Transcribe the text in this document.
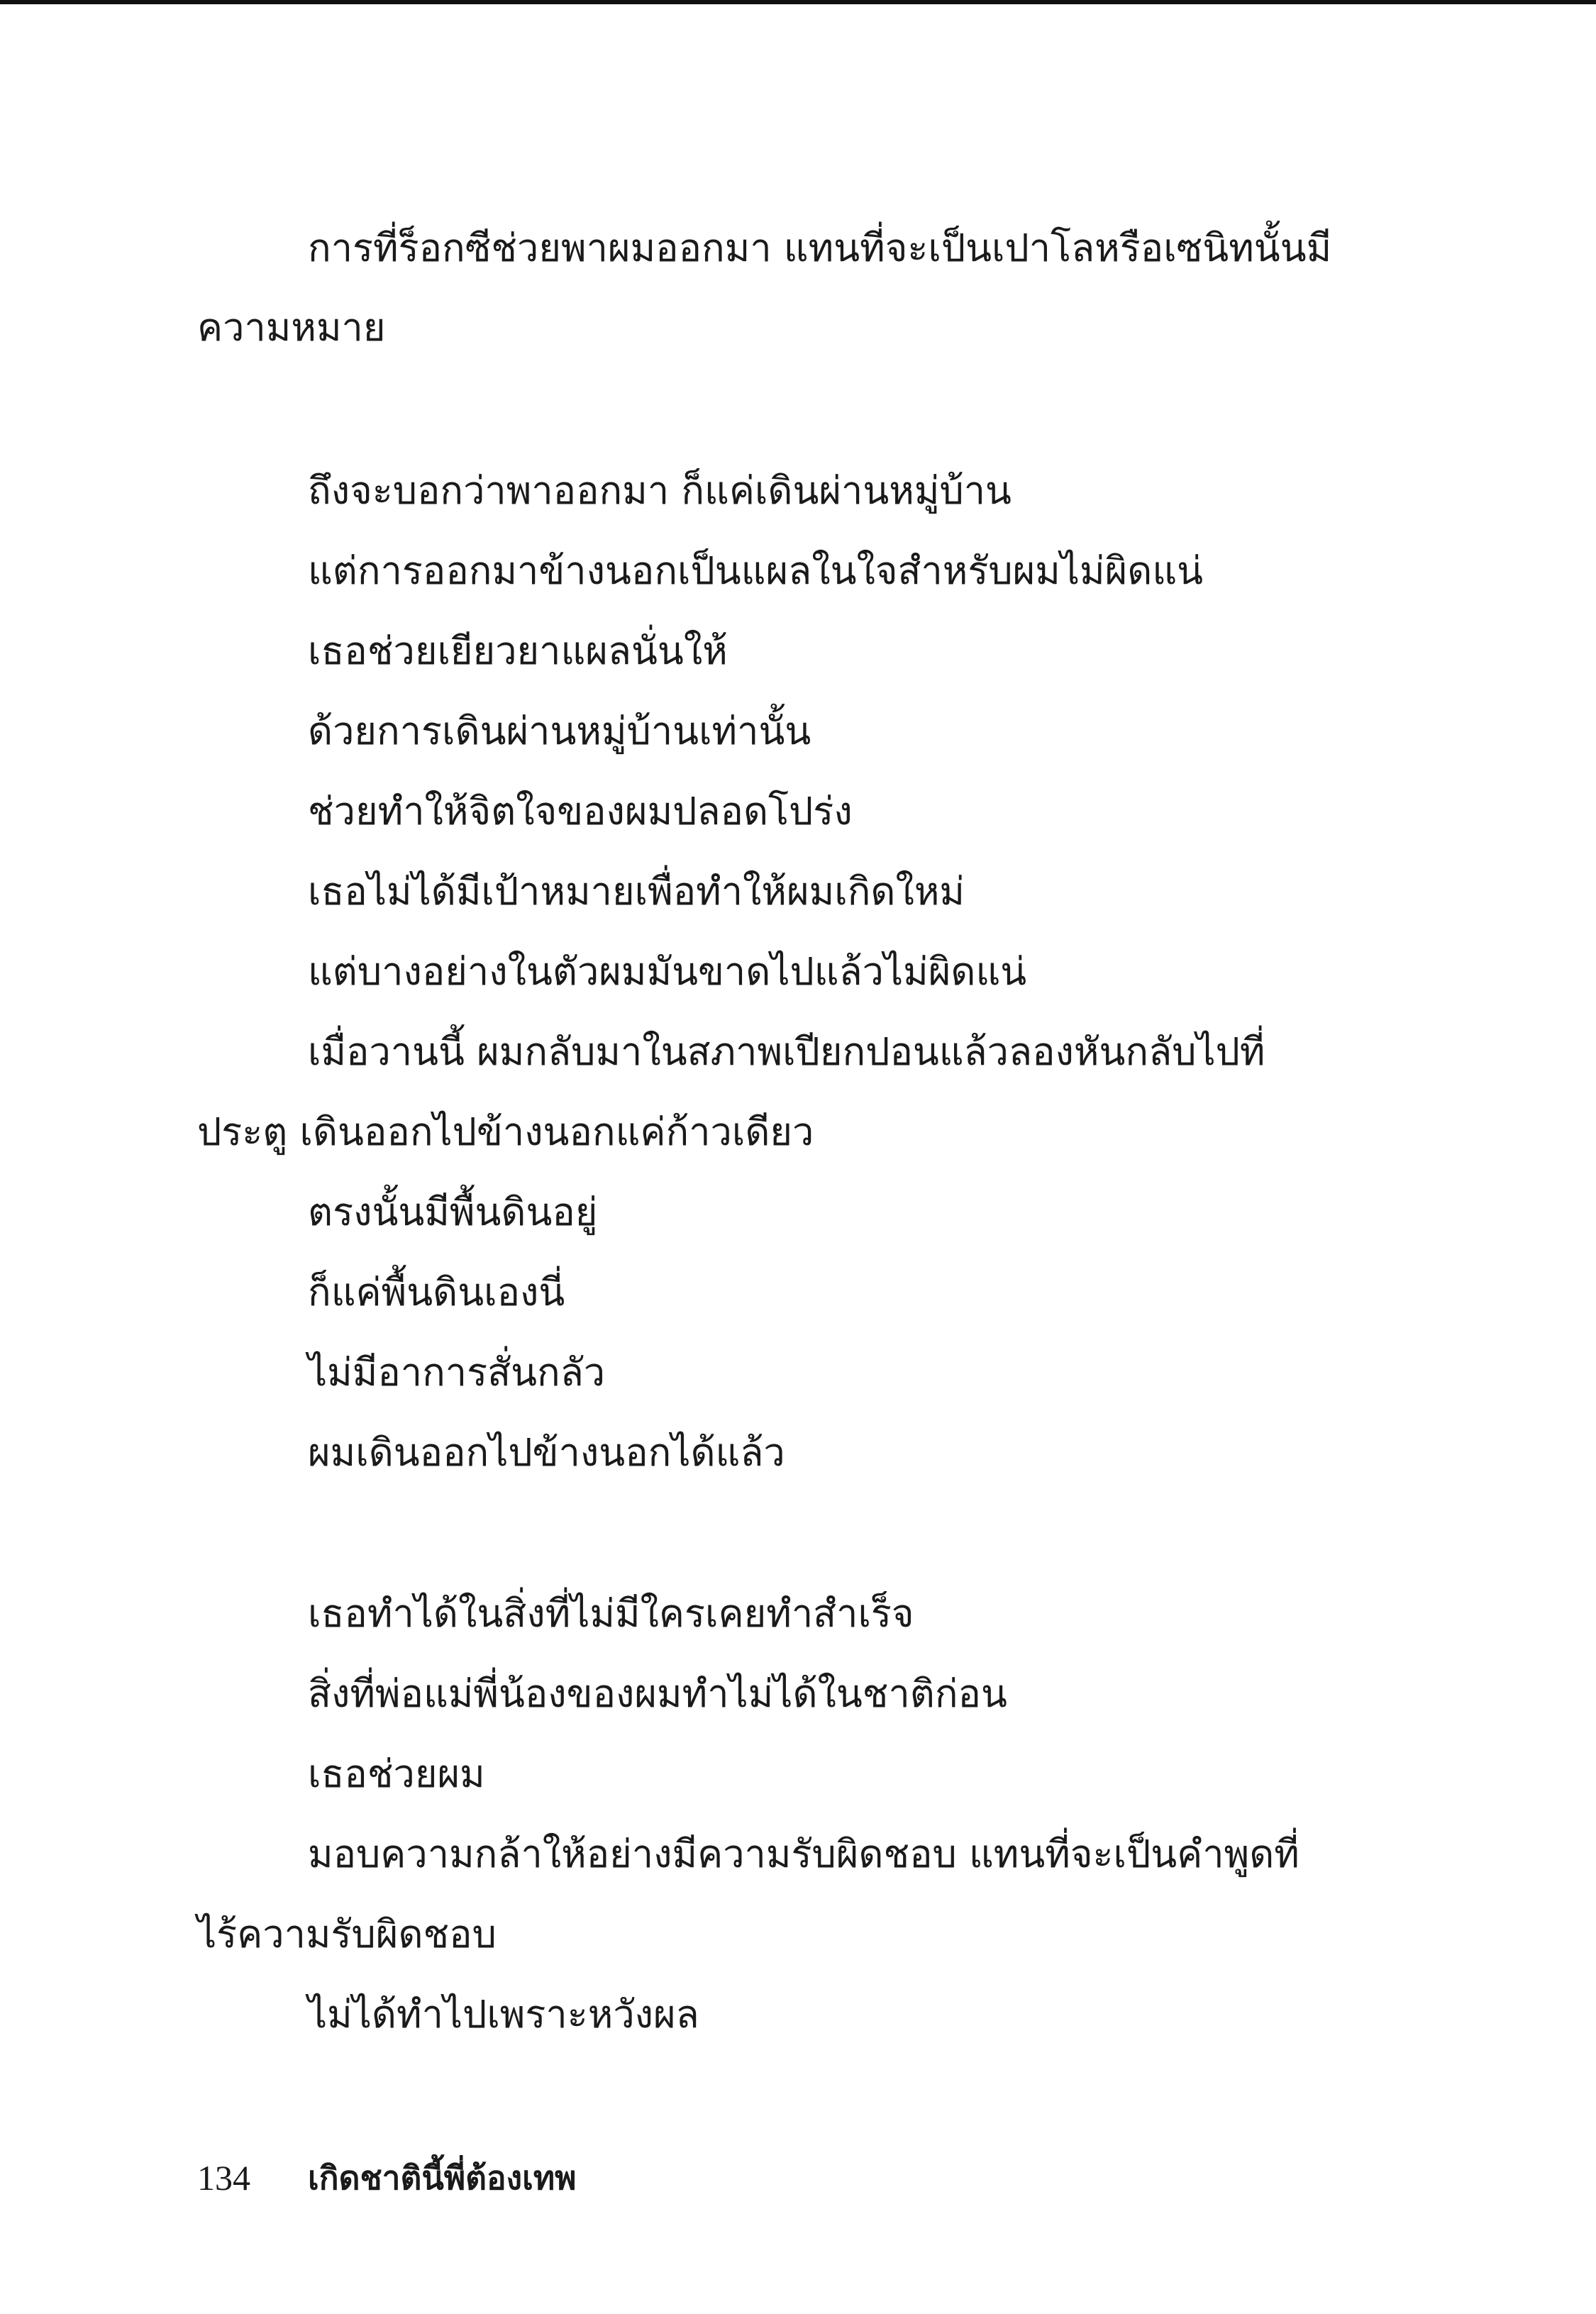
การที่ร็อกซีช่วยพาผมออกมา แทนที่จะเป็นเปาโลหรือเซนิทนั้นมี
ความหมาย
ถึงจะบอกว่าพาออกมา ก็แค่เดินผ่านหมู่บ้าน
แต่การออกมาข้างนอกเป็นแผลในใจสำหรับผมไม่ผิดแน่
เธอช่วยเยียวยาแผลนั่นให้
ด้วยการเดินผ่านหมู่บ้านเท่านั้น
ช่วยทำให้จิตใจของผมปลอดโปร่ง
เธอไม่ได้มีเป้าหมายเพื่อทำให้ผมเกิดใหม่
แต่บางอย่างในตัวผมมันขาดไปแล้วไม่ผิดแน่
เมื่อวานนี้ ผมกลับมาในสภาพเปียกปอนแล้วลองหันกลับไปที่
ประตู เดินออกไปข้างนอกแค่ก้าวเดียว
ตรงนั้นมีพื้นดินอยู่
ก็แค่พื้นดินเองนี่
ไม่มีอาการสั่นกลัว
ผมเดินออกไปข้างนอกได้แล้ว
เธอทำได้ในสิ่งที่ไม่มีใครเคยทำสำเร็จ
สิ่งที่พ่อแม่พี่น้องของผมทำไม่ได้ในชาติก่อน
เธอช่วยผม
มอบความกล้าให้อย่างมีความรับผิดชอบ แทนที่จะเป็นคำพูดที่
ไร้ความรับผิดชอบ
ไม่ได้ทำไปเพราะหวังผล
134 เกิดชาตินี้พี่ต้องเทพ
